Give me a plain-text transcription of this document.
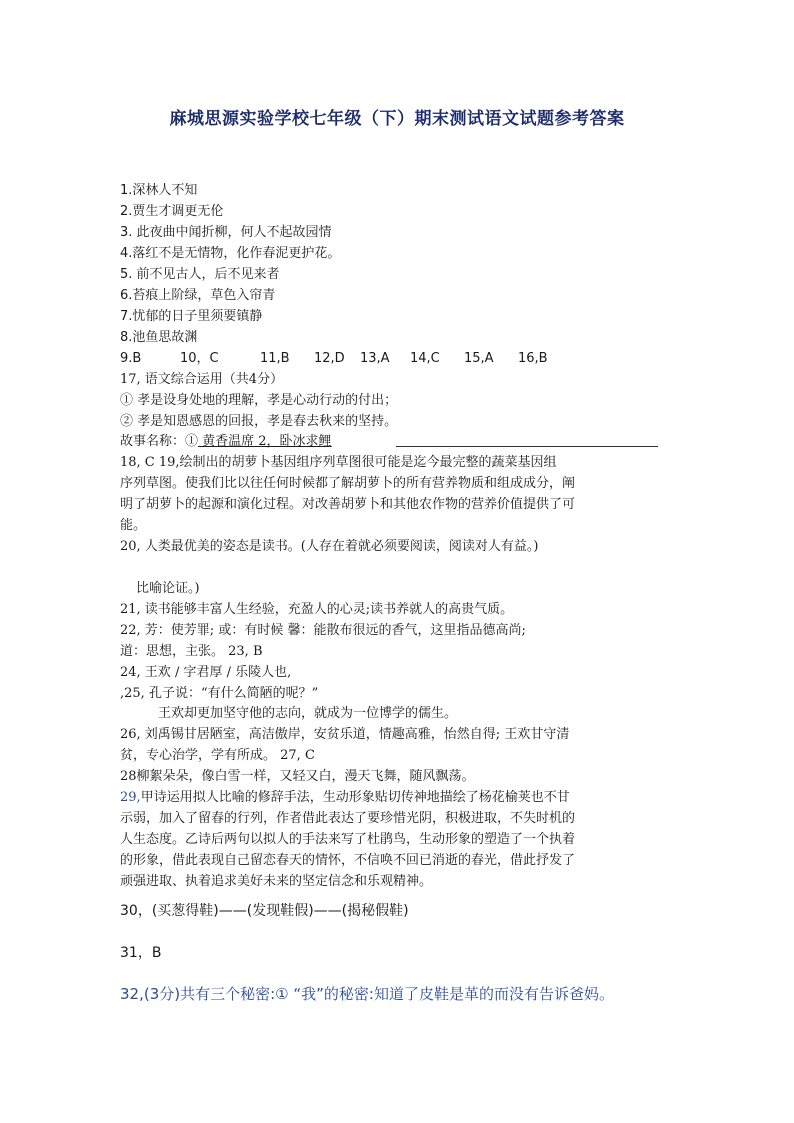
麻城思源实验学校七年级（下）期末测试语文试题参考答案
1.深林人不知
2.贾生才调更无伦
3. 此夜曲中闻折柳，何人不起故园情
4.落红不是无情物，化作春泥更护花。
5. 前不见古人，后不见来者
6.苔痕上阶绿，草色入帘青
7.忧郁的日子里须要镇静
8.池鱼思故渊
9.B	10，C	11,B 12,D 13,A 14,C 15,A 16,B
17, 语文综合运用（共4分）
① 孝是设身处地的理解，孝是心动行动的付出；
② 孝是知恩感恩的回报，孝是春去秋来的坚持。
故事名称：① 黄香温席 2，卧冰求鲤
18, C 19,绘制出的胡萝卜基因组序列草图很可能是迄今最完整的蔬菜基因组
序列草图。使我们比以往任何时候都了解胡萝卜的所有营养物质和组成成分，阐
明了胡萝卜的起源和演化过程。对改善胡萝卜和其他农作物的营养价值提供了可
能。
20, 人类最优美的姿态是读书。(人存在着就必须要阅读，阅读对人有益。)
比喻论证。)
21, 读书能够丰富人生经验，充盈人的心灵;读书养就人的高贵气质。
22, 芳：使芳罪; 或：有时候 馨：能散布很远的香气，这里指品德高尚;
道：思想，主张。 23, B
24, 王欢 / 字君厚 / 乐陵人也,
,25, 孔子说：“有什么简陋的呢？”
王欢却更加坚守他的志向，就成为一位博学的儒生。
26, 刘禹锡甘居陋室，高洁傲岸，安贫乐道，情趣高雅，怡然自得; 王欢甘守清
贫，专心治学，学有所成。 27, C
28柳絮朵朵，像白雪一样，又轻又白，漫天飞舞，随风飘荡。
29,甲诗运用拟人比喻的修辞手法，生动形象贴切传神地描绘了杨花榆荚也不甘
示弱，加入了留春的行列，作者借此表达了要珍惜光阴，积极进取，不失时机的
人生态度。乙诗后两句以拟人的手法来写了杜鹃鸟，生动形象的塑造了一个执着
的形象，借此表现自己留恋春天的情怀，不信唤不回已消逝的春光，借此抒发了
顽强进取、执着追求美好未来的坚定信念和乐观精神。
30，(买葱得鞋)——(发现鞋假)——(揭秘假鞋)
31，B
32,(3分)共有三个秘密:① “我”的秘密:知道了皮鞋是革的而没有告诉爸妈。
